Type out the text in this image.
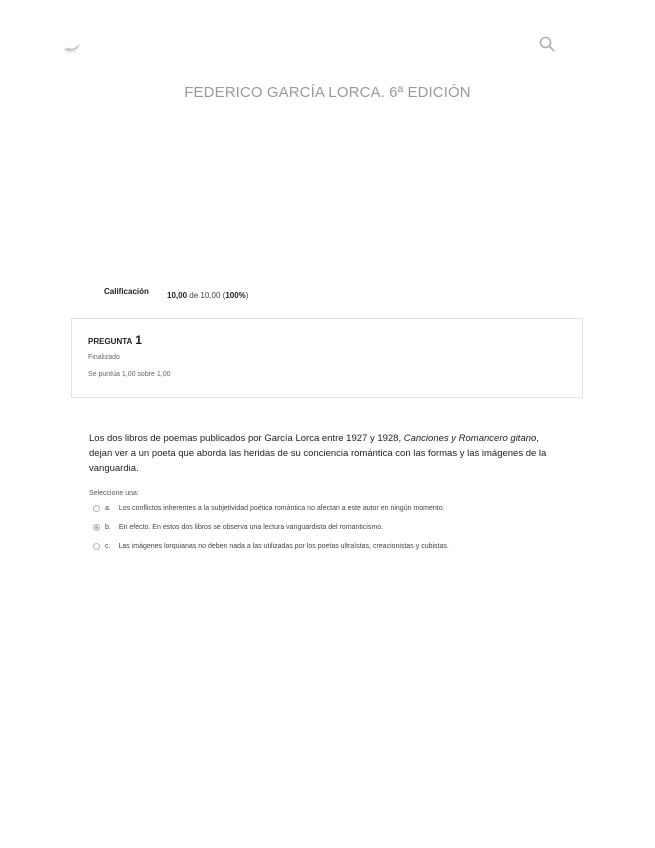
FEDERICO GARCÍA LORCA. 6ª EDICIÓN
Calificación 10,00 de 10,00 (100%)
PREGUNTA 1
Finalizado
Se puntúa 1,00 sobre 1,00
Los dos libros de poemas publicados por García Lorca entre 1927 y 1928, Canciones y Romancero gitano, dejan ver a un poeta que aborda las heridas de su conciencia romántica con las formas y las imágenes de la vanguardia.
Seleccione una:
a. Los conflictos inherentes a la subjetividad poética romántica no afectan a este autor en ningún momento.
b. En efecto. En estos dos libros se observa una lectura vanguardista del romanticismo.
c. Las imágenes lorquianas no deben nada a las utilizadas por los poetas ultraístas, creacionistas y cubistas.
